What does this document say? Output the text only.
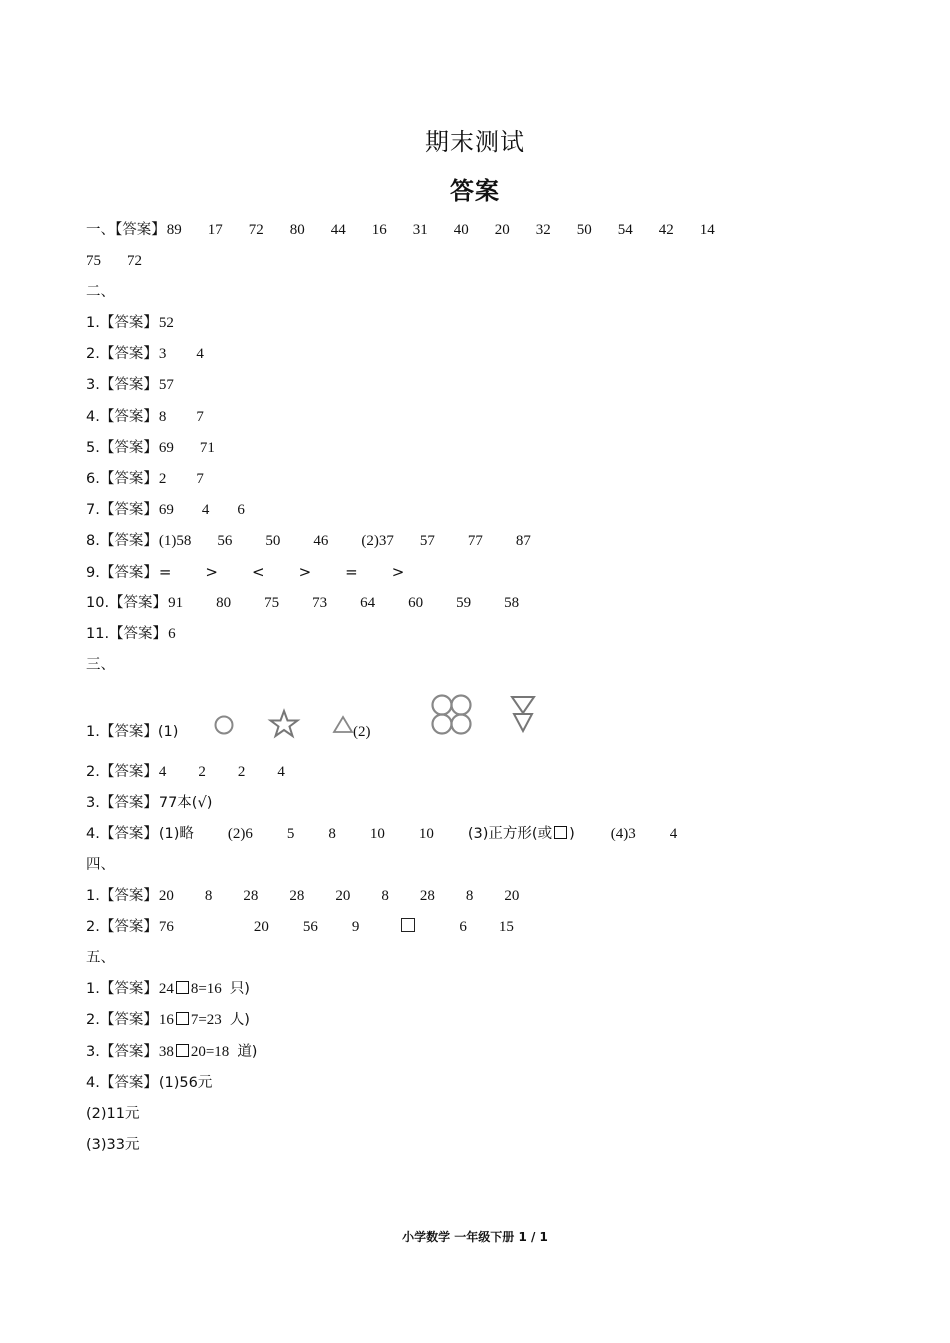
期末测试
答案
一、【答案】89 17 72 80 44 16 31 40 20 32 50 54 42 14
75 72
二、
1.【答案】52
2.【答案】3 4
3.【答案】57
4.【答案】8 7
5.【答案】69 71
6.【答案】2 7
7.【答案】69 4 6
8.【答案】(1)58 56 50 46 (2)37 57 77 87
9.【答案】= > < > = >
10.【答案】91 80 75 73 64 60 59 58
11.【答案】6
三、
1.【答案】(1)	(2)
2.【答案】4 2 2 4
3.【答案】77本(√)
4.【答案】(1)略 (2)6 5 8 10 10 (3)正方形(或 ) (4)3 4
四、
1.【答案】20 8 28 28 20 8 28 8 20
2.【答案】76	20 56 9	6 15
五、
1.【答案】24 8=16 只)
2.【答案】16 7=23 人)
3.【答案】38 20=18 道)
4.【答案】(1)56元
(2)11元
(3)33元
小学数学 一年级下册 1 / 1
